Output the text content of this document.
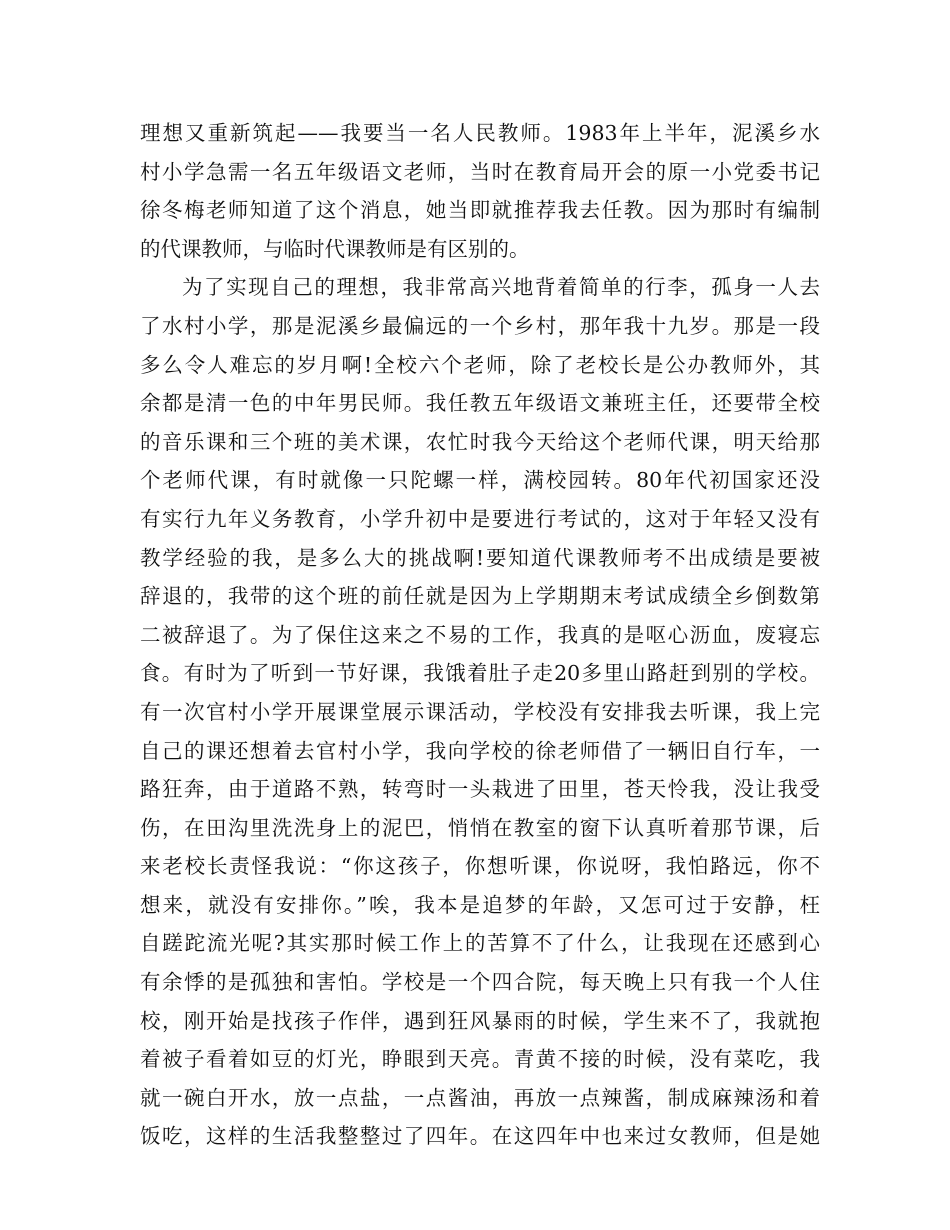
理想又重新筑起——我要当一名人民教师。1983年上半年，泥溪乡水
村小学急需一名五年级语文老师，当时在教育局开会的原一小党委书记
徐冬梅老师知道了这个消息，她当即就推荐我去任教。因为那时有编制
的代课教师，与临时代课教师是有区别的。
为了实现自己的理想，我非常高兴地背着简单的行李，孤身一人去
了水村小学，那是泥溪乡最偏远的一个乡村，那年我十九岁。那是一段
多么令人难忘的岁月啊!全校六个老师，除了老校长是公办教师外，其
余都是清一色的中年男民师。我任教五年级语文兼班主任，还要带全校
的音乐课和三个班的美术课，农忙时我今天给这个老师代课，明天给那
个老师代课，有时就像一只陀螺一样，满校园转。80年代初国家还没
有实行九年义务教育，小学升初中是要进行考试的，这对于年轻又没有
教学经验的我，是多么大的挑战啊!要知道代课教师考不出成绩是要被
辞退的，我带的这个班的前任就是因为上学期期末考试成绩全乡倒数第
二被辞退了。为了保住这来之不易的工作，我真的是呕心沥血，废寝忘
食。有时为了听到一节好课，我饿着肚子走20多里山路赶到别的学校。
有一次官村小学开展课堂展示课活动，学校没有安排我去听课，我上完
自己的课还想着去官村小学，我向学校的徐老师借了一辆旧自行车，一
路狂奔，由于道路不熟，转弯时一头栽进了田里，苍天怜我，没让我受
伤，在田沟里洗洗身上的泥巴，悄悄在教室的窗下认真听着那节课，后
来老校长责怪我说：“你这孩子，你想听课，你说呀，我怕路远，你不
想来，就没有安排你。”唉，我本是追梦的年龄，又怎可过于安静，枉
自蹉跎流光呢?其实那时候工作上的苦算不了什么，让我现在还感到心
有余悸的是孤独和害怕。学校是一个四合院，每天晚上只有我一个人住
校，刚开始是找孩子作伴，遇到狂风暴雨的时候，学生来不了，我就抱
着被子看着如豆的灯光，睁眼到天亮。青黄不接的时候，没有菜吃，我
就一碗白开水，放一点盐，一点酱油，再放一点辣酱，制成麻辣汤和着
饭吃，这样的生活我整整过了四年。在这四年中也来过女教师，但是她
